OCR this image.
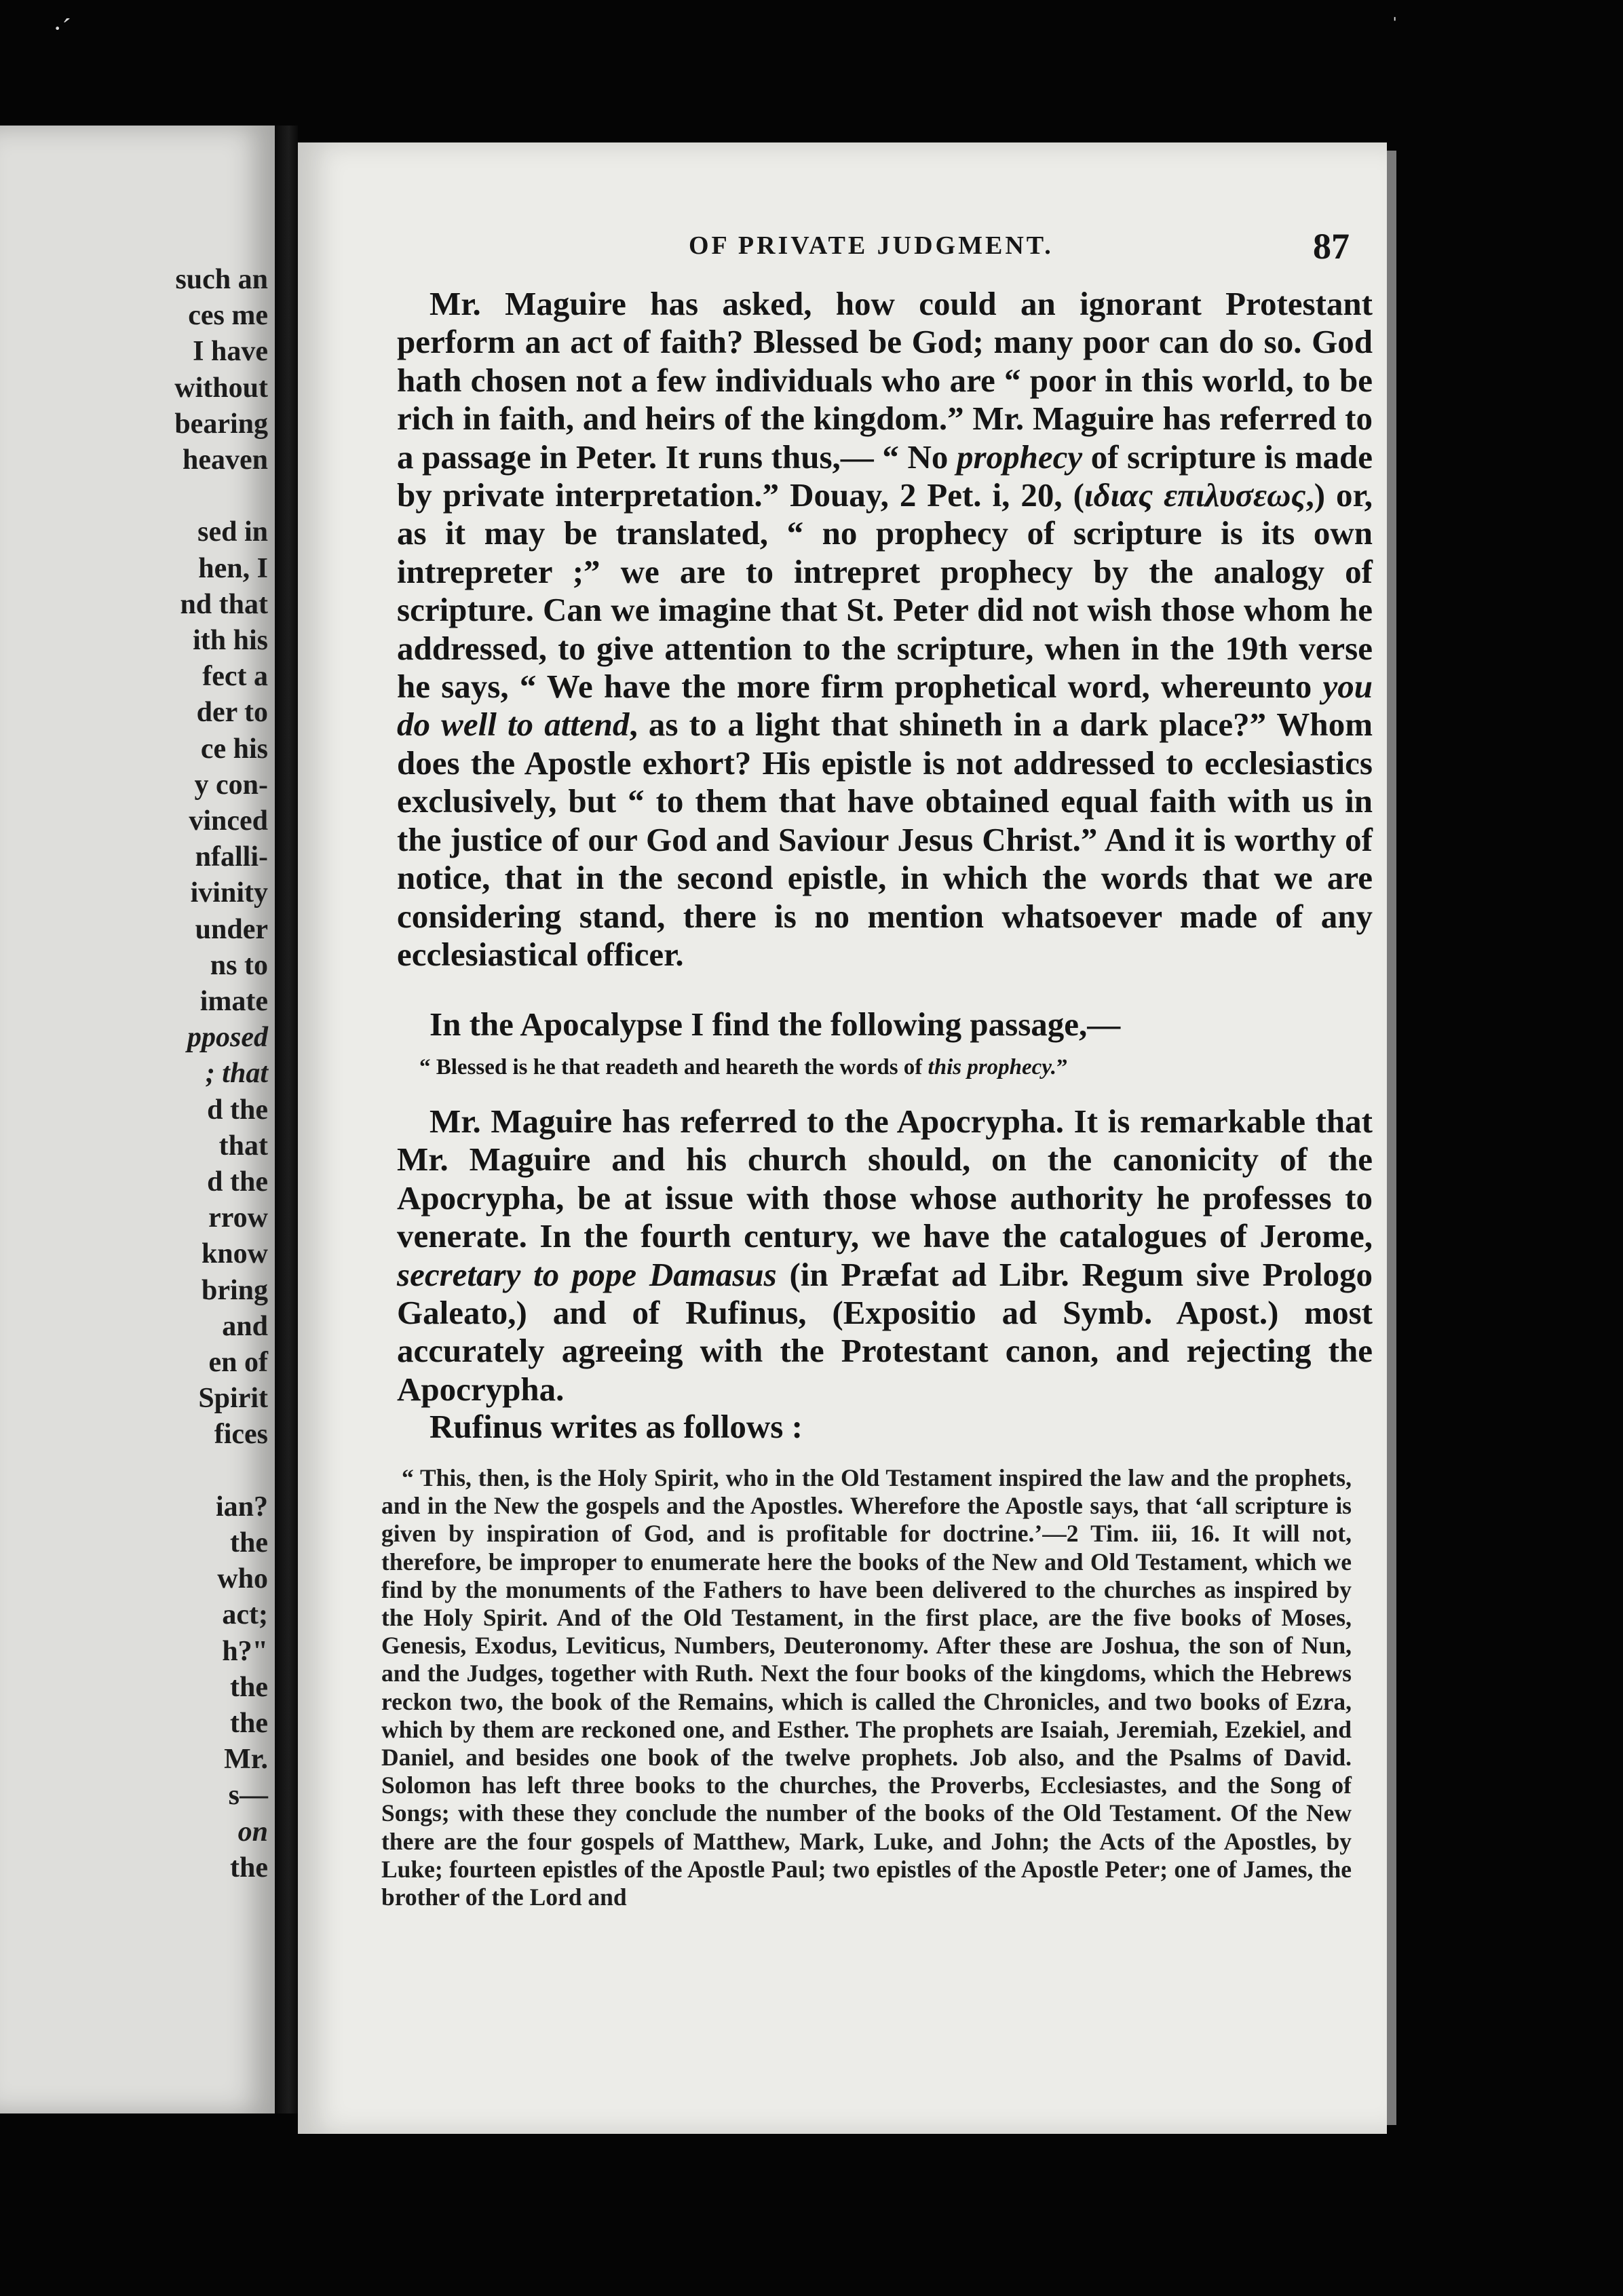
·ˊ	ˈ
such an
ces me
I have
without
bearing
heaven
sed in
hen, I
nd that
ith his
fect a
der to
ce his
y con-
vinced
nfalli-
ivinity
under
ns to
imate
pposed
; that
d the
that
d the
rrow
know
bring
and
en of
Spirit
fices
ian?
the
who
act;
h?"
the
the
Mr.
s—
on
the
OF PRIVATE JUDGMENT.	87

Mr. Maguire has asked, how could an ignorant Protestant perform an act of faith? Blessed be God; many poor can do so. God hath chosen not a few individuals who are “ poor in this world, to be rich in faith, and heirs of the kingdom.” Mr. Maguire has referred to a passage in Peter. It runs thus,— “ No prophecy of scripture is made by private interpretation.” Douay, 2 Pet. i, 20, (ιδιας επιλυσεως,) or, as it may be translated, “ no prophecy of scripture is its own intrepreter ;” we are to intrepret prophecy by the analogy of scripture. Can we imagine that St. Peter did not wish those whom he addressed, to give attention to the scripture, when in the 19th verse he says, “ We have the more firm prophetical word, whereunto you do well to attend, as to a light that shineth in a dark place?” Whom does the Apostle exhort? His epistle is not addressed to ecclesiastics exclusively, but “ to them that have obtained equal faith with us in the justice of our God and Saviour Jesus Christ.” And it is worthy of notice, that in the second epistle, in which the words that we are considering stand, there is no mention whatsoever made of any ecclesiastical officer.

In the Apocalypse I find the following passage,—

“ Blessed is he that readeth and heareth the words of this prophecy.”

Mr. Maguire has referred to the Apocrypha. It is remarkable that Mr. Maguire and his church should, on the canonicity of the Apocrypha, be at issue with those whose authority he professes to venerate. In the fourth century, we have the catalogues of Jerome, secretary to pope Damasus (in Præfat ad Libr. Regum sive Prologo Galeato,) and of Rufinus, (Expositio ad Symb. Apost.) most accurately agreeing with the Protestant canon, and rejecting the Apocrypha.

Rufinus writes as follows :

“ This, then, is the Holy Spirit, who in the Old Testament inspired the law and the prophets, and in the New the gospels and the Apostles. Wherefore the Apostle says, that ‘all scripture is given by inspiration of God, and is profitable for doctrine.’—2 Tim. iii, 16. It will not, therefore, be improper to enumerate here the books of the New and Old Testament, which we find by the monuments of the Fathers to have been delivered to the churches as inspired by the Holy Spirit. And of the Old Testament, in the first place, are the five books of Moses, Genesis, Exodus, Leviticus, Numbers, Deuteronomy. After these are Joshua, the son of Nun, and the Judges, together with Ruth. Next the four books of the kingdoms, which the Hebrews reckon two, the book of the Remains, which is called the Chronicles, and two books of Ezra, which by them are reckoned one, and Esther. The prophets are Isaiah, Jeremiah, Ezekiel, and Daniel, and besides one book of the twelve prophets. Job also, and the Psalms of David. Solomon has left three books to the churches, the Proverbs, Ecclesiastes, and the Song of Songs; with these they conclude the number of the books of the Old Testament. Of the New there are the four gospels of Matthew, Mark, Luke, and John; the Acts of the Apostles, by Luke; fourteen epistles of the Apostle Paul; two epistles of the Apostle Peter; one of James, the brother of the Lord and
